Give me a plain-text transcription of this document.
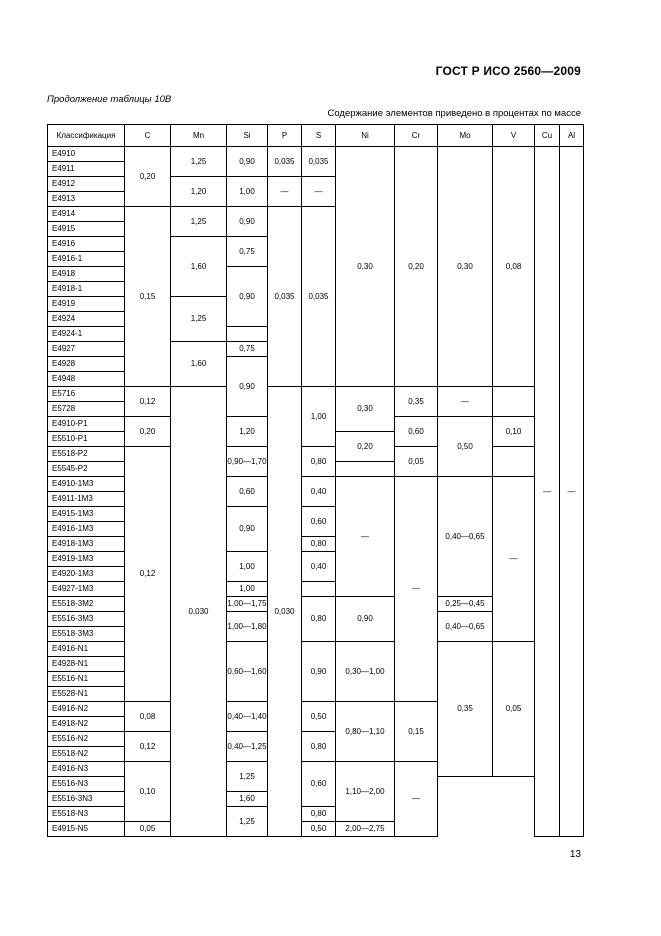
ГОСТ Р ИСО 2560—2009
Продолжение таблицы 10В
Содержание элементов приведено в процентах по массе
Классификация	C	Mn	Si	P	S	Ni	Cr	Mo	V	Cu	Al	
E4910	0,20	1,25	0,90	0,035	0,035	0,30	0,20	0,30	0,08	—	—	
E4911												
E4912		1,20	1,00	—	—							
E4913												
E4914	0,15	1,25	0,90	0,035	0,035							
E4915												
E4916		1,60	0,75									
E4916-1												
E4918			0,90									
E4918-1												
E4919		1,25										
E4924												
E4924-1												
E4927		1,60	0,75									
E4928			0,90									
E4948												
E5716	0,12	0,030		0,030	1,00	0,30	0,35	—				
E5728												
E4910-P1	0,20		1,20				0,60	0,50	0,10			
E5510-P1						0,20						
E5518-P2	0,12		0,90—1,70		0,80		0,05					
E5545-P2												
E4910-1M3			0,60		0,40	—	—	0,40—0,65	—			
E4911-1M3												
E4915-1M3			0,90		0,60							
E4916-1M3												
E4918-1M3					0,80							
E4919-1M3			1,00		0,40							
E4920-1M3	
E4927-1M3			1,00									
E5518-3M2			1,00—1,75		0,80	0,90		0,25—0,45				
E5516-3M3			1,00—1,80					0,40—0,65				
E5518-3M3												
E4916-N1			0,60—1,60		0,90	0,30—1,00		0,35	0,05			
E4928-N1												
E5516-N1												
E5528-N1												
E4916-N2	0,08		0,40—1,40		0,50	0,80—1,10	0,15					
E4918-N2												
E5516-N2	0,12		0,40—1,25		0,80							
E5518-N2												
E4916-N3	0,10		1,25		0,60	1,10—2,00	—		
E5516-N3												
E5516-3N3			1,60									
E5518-N3			1,25		0,80							
E4915-N5	0,05				0,50	2,00—2,75						
13
